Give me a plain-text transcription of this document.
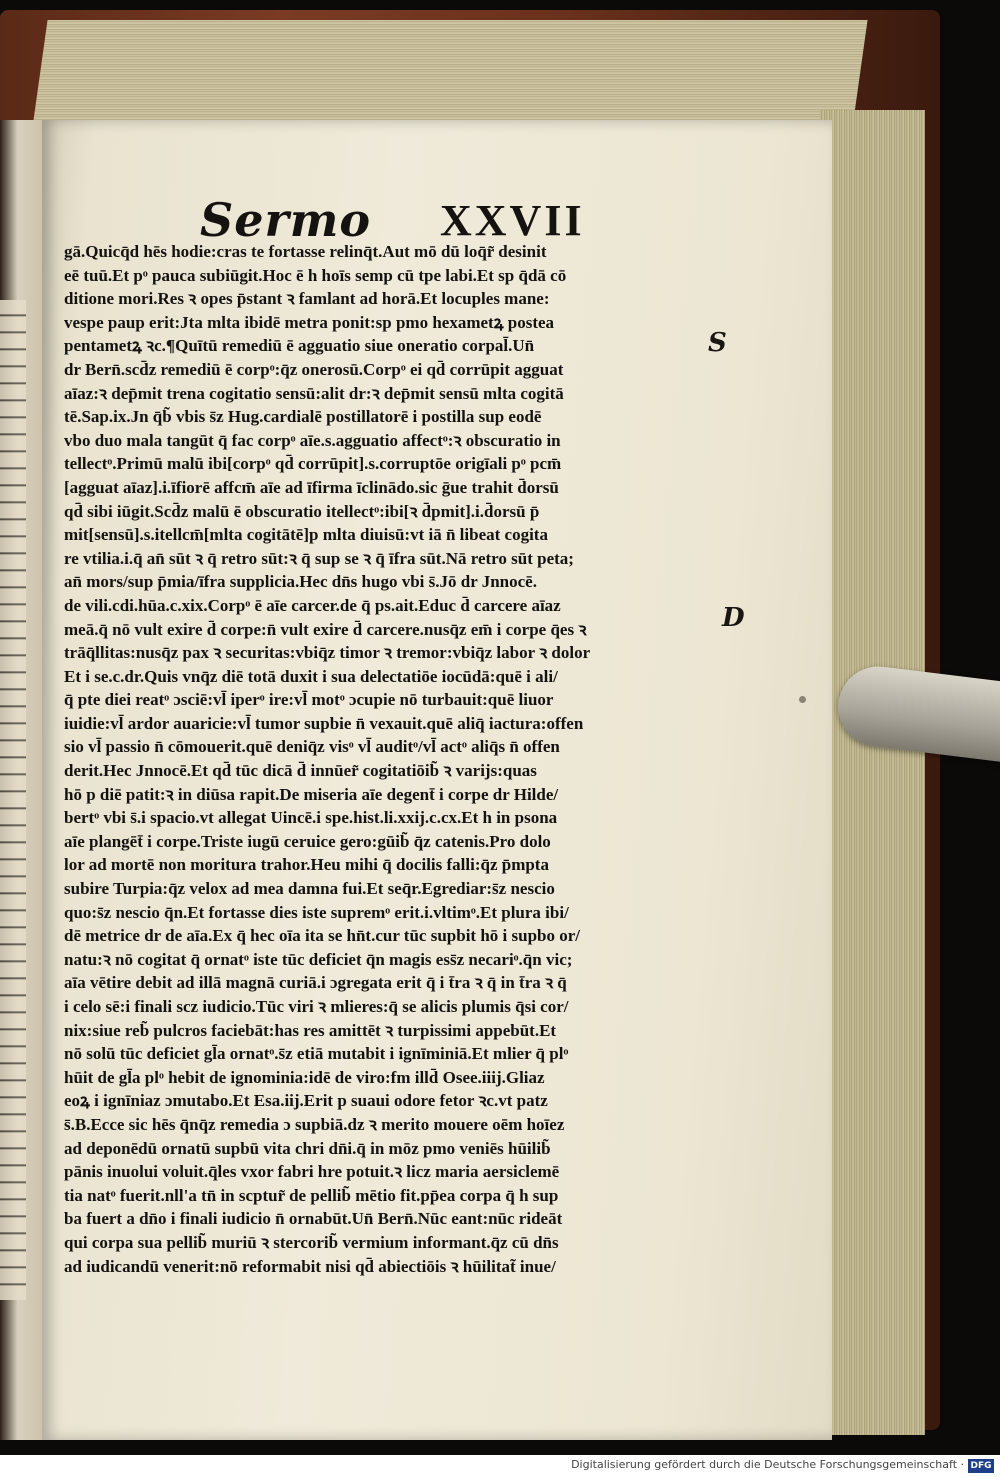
Sermo XXVII
gā.Quicq̄d hēs hodie:cras te fortasse relinq̄t.Aut mō dū loq̄r͂ desinit
eē tuū.Et pᵒ pauca subiūgit.Hoc ē h hoīs semp cū tpe labi.Et sp q̄dā cō
ditione mori.Res ꝛ opes p̄stant ꝛ famlant ad horā.Et locuples mane:
vespe paup erit:Jta mlta ibidē metra ponit:sp pmo hexametꝝ postea
pentametꝝ ꝛc.¶Quītū remediū ē agguatio siue oneratio corpal̄.Un̄
dr Bern̄.scd̄z remediū ē corpᵒ:q̄z onerosū.Corpᵒ ei qd̄ corrūpit agguat
aīaz:ꝛ dep̄mit trena cogitatio sensū:alit dr:ꝛ dep̄mit sensū mlta cogitā
tē.Sap.ix.Jn q̄b͂ vbis s̄z Hug.cardialē postillatorē i postilla sup eodē
vbo duo mala tangūt q̄ fac corpᵒ aīe.s.agguatio affectᵒ:ꝛ obscuratio in
tellectᵒ.Primū malū ibi[corpᵒ qd̄ corrūpit].s.corruptōe origīali pᵒ pcm̄
[agguat aīaz].i.īfiorē affcm̄ aīe ad īfirma īclinādo.sic ḡue trahit d̄orsū
qd̄ sibi iūgit.Scd̄z malū ē obscuratio itellectᵒ:ibi[ꝛ d̄pmit].i.d̄orsū p̄
mit[sensū].s.itellcm̄[mlta cogitātē]p mlta diuisū:vt iā n̄ libeat cogita
re vtilia.i.q̄ an̄ sūt ꝛ q̄ retro sūt:ꝛ q̄ sup se ꝛ q̄ īfra sūt.Nā retro sūt peta;
an̄ mors/sup p̄mia/īfra supplicia.Hec dn̄s hugo vbi s̄.Jō dr Jnnocē.
de vili.cdi.hūa.c.xix.Corpᵒ ē aīe carcer.de q̄ ps.ait.Educ d̄ carcere aīaz
meā.q̄ nō vult exire d̄ corpe:n̄ vult exire d̄ carcere.nusq̄z em̄ i corpe q̄es ꝛ
trāq̄llitas:nusq̄z pax ꝛ securitas:vbiq̄z timor ꝛ tremor:vbiq̄z labor ꝛ dolor
Et i se.c.dr.Quis vnq̄z diē totā duxit i sua delectatiōe iocūdā:quē i ali/
q̄ pte diei reatᵒ ɔsciē:vl̄ iperᵒ ire:vl̄ motᵒ ɔcupie nō turbauit:quē liuor
iuidie:vl̄ ardor auaricie:vl̄ tumor supbie n̄ vexauit.quē aliq̄ iactura:offen
sio vl̄ passio n̄ cōmouerit.quē deniq̄z visᵒ vl̄ auditᵒ/vl̄ actᵒ aliq̄s n̄ offen
derit.Hec Jnnocē.Et qd̄ tūc dicā d̄ innūer͂ cogitatiōib͂ ꝛ varijs:quas
hō p diē patit:ꝛ in diūsa rapit.De miseria aīe degent̄ i corpe dr Hilde/
bertᵒ vbi s̄.i spacio.vt allegat Uincē.i spe.hist.li.xxij.c.cx.Et h in psona
aīe plangēt̄ i corpe.Triste iugū ceruice gero:gūib͂ q̄z catenis.Pro dolo
lor ad mortē non moritura trahor.Heu mihi q̄ docilis falli:q̄z p̄mpta
subire Turpia:q̄z velox ad mea damna fui.Et seq̄r.Egrediar:s̄z nescio
quo:s̄z nescio q̄n.Et fortasse dies iste supremᵒ erit.i.vltimᵒ.Et plura ibi/
dē metrice dr de aīa.Ex q̄ hec oīa ita se hn̄t.cur tūc supbit hō i supbo or/
natu:ꝛ nō cogitat q̄ ornatᵒ iste tūc deficiet q̄n magis ess̄z necariᵒ.q̄n vic;
aīa vētire debit ad illā magnā curiā.i ɔgregata erit q̄ i t̄ra ꝛ q̄ in t̄ra ꝛ q̄
i celo sē:i finali scz iudicio.Tūc viri ꝛ mlieres:q̄ se alicis plumis q̄si cor/
nix:siue reb͂ pulcros faciebāt:has res amittēt ꝛ turpissimi appebūt.Et
nō solū tūc deficiet gl̄a ornatᵒ.s̄z etiā mutabit i ignīminiā.Et mlier q̄ plᵒ
hūit de gl̄a plᵒ hebit de ignominia:idē de viro:fm illd̄ Osee.iiij.Gliaz
eoꝝ i ignīniaz ɔmutabo.Et Esa.iij.Erit p suaui odore fetor ꝛc.vt patz
s̄.B.Ecce sic hēs q̄nq̄z remedia ɔ supbiā.dz ꝛ merito mouere oēm hoīez
ad deponēdū ornatū supbū vita chri dn̄i.q̄ in mōz pmo veniēs hūilib͂
pānis inuolui voluit.q̄les vxor fabri hre potuit.ꝛ licz maria aersiclemē
tia natᵒ fuerit.nll'a tn̄ in scptur͂ de pellib͂ mētio fit.pp̄ea corpa q̄ h sup
ba fuert a dn̄o i finali iudicio n̄ ornabūt.Un̄ Bern̄.Nūc eant:nūc rideāt
qui corpa sua pellib͂ muriū ꝛ stercorib͂ vermium informant.q̄z cū dn̄s
ad iudicandū venerit:nō reformabit nisi qd̄ abiectiōis ꝛ hūilitat͂ inue/
S
D
Digitalisierung gefördert durch die Deutsche Forschungsgemeinschaft · DFG
